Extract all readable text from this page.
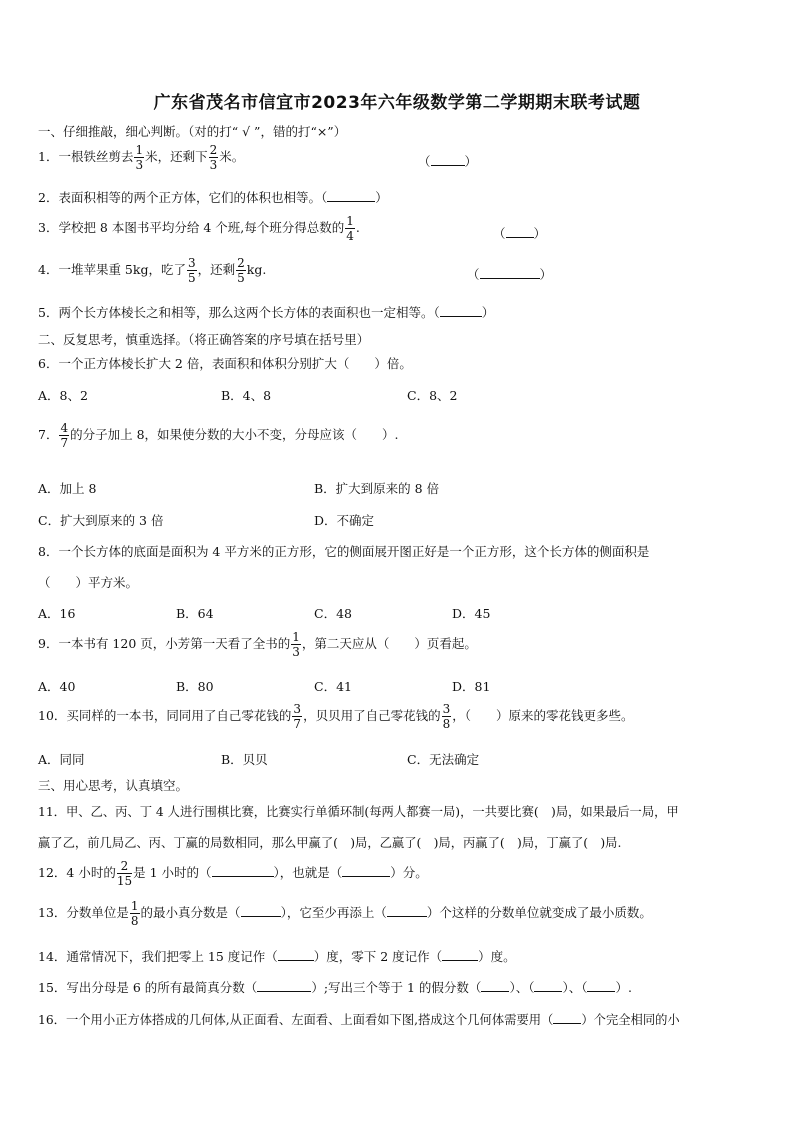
广东省茂名市信宜市2023年六年级数学第二学期期末联考试题
一、仔细推敲，细心判断。（对的打“ √ ”，错的打“×”）
1．一根铁丝剪去 $\frac{1}{3}$ 米，还剩下 $\frac{2}{3}$ 米。	（	）
2．表面积相等的两个正方体，它们的体积也相等。（	）
3．学校把 8 本图书平均分给 4 个班,每个班分得总数的 $\frac{1}{4}$ .	（ ）
4．一堆苹果重 5kg，吃了 $\frac{3}{5}$ ，还剩 $\frac{2}{5}$ kg.	（	）
5．两个长方体棱长之和相等，那么这两个长方体的表面积也一定相等。（	）
二、反复思考，慎重选择。（将正确答案的序号填在括号里）
6．一个正方体棱长扩大 2 倍，表面积和体积分别扩大（　　）倍。
A．8、2	B．4、8	C．8、2
7． $\frac{4}{7}$ 的分子加上 8，如果使分数的大小不变，分母应该（　　）.
A．加上 8	B．扩大到原来的 8 倍
C．扩大到原来的 3 倍	D．不确定
8．一个长方体的底面是面积为 4 平方米的正方形，它的侧面展开图正好是一个正方形，这个长方体的侧面积是
（　　）平方米。
A．16	B．64	C．48	D．45
9．一本书有 120 页，小芳第一天看了全书的 $\frac{1}{3}$ ，第二天应从（　　）页看起。
A．40	B．80	C．41	D．81
10．买同样的一本书，同同用了自己零花钱的 $\frac{3}{7}$ ，贝贝用了自己零花钱的 $\frac{3}{8}$ ，（　　）原来的零花钱更多些。
A．同同	B．贝贝	C．无法确定
三、用心思考，认真填空。
11．甲、乙、丙、丁 4 人进行围棋比赛，比赛实行单循环制(每两人都赛一局)，一共要比赛(　)局，如果最后一局，甲
赢了乙，前几局乙、丙、丁赢的局数相同，那么甲赢了(　)局，乙赢了(　)局，丙赢了(　)局，丁赢了(　)局.
12．4 小时的 $\frac{2}{15}$ 是 1 小时的（	），也就是（	）分。
13．分数单位是 $\frac{1}{8}$ 的最小真分数是（	），它至少再添上（	）个这样的分数单位就变成了最小质数。
14．通常情况下，我们把零上 15 度记作（	）度，零下 2 度记作（	）度。
15．写出分母是 6 的所有最简真分数（	）;写出三个等于 1 的假分数（ ）、（ ）、（ ）.
16．一个用小正方体搭成的几何体,从正面看、左面看、上面看如下图,搭成这个几何体需要用（ ）个完全相同的小
